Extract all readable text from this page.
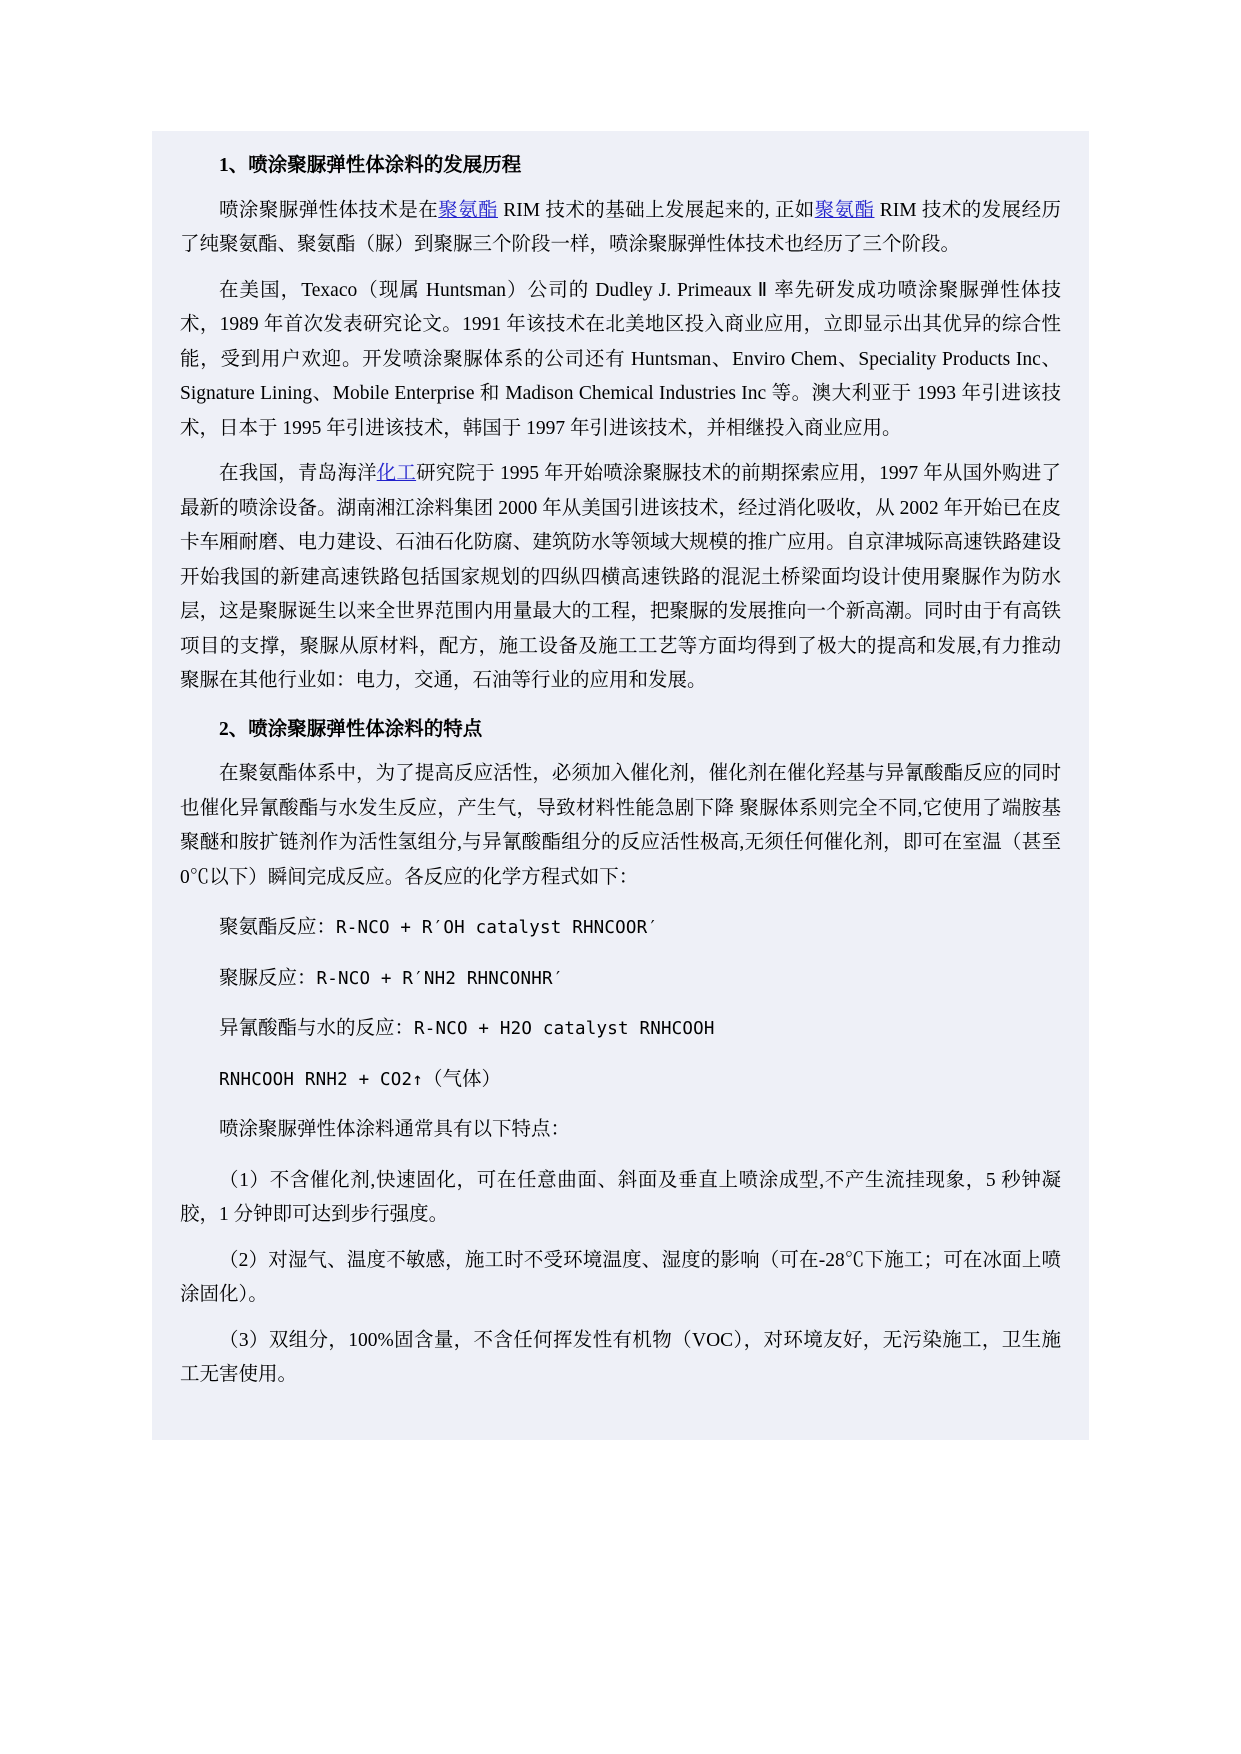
1、喷涂聚脲弹性体涂料的发展历程

喷涂聚脲弹性体技术是在聚氨酯 RIM 技术的基础上发展起来的, 正如聚氨酯 RIM 技术的发展经历了纯聚氨酯、聚氨酯（脲）到聚脲三个阶段一样，喷涂聚脲弹性体技术也经历了三个阶段。

在美国，Texaco（现属 Huntsman）公司的 Dudley J. Primeaux Ⅱ 率先研发成功喷涂聚脲弹性体技术，1989 年首次发表研究论文。1991 年该技术在北美地区投入商业应用，立即显示出其优异的综合性能，受到用户欢迎。开发喷涂聚脲体系的公司还有 Huntsman、Enviro Chem、Speciality Products Inc、Signature Lining、Mobile Enterprise 和 Madison Chemical Industries Inc 等。澳大利亚于 1993 年引进该技术，日本于 1995 年引进该技术，韩国于 1997 年引进该技术，并相继投入商业应用。

在我国，青岛海洋化工研究院于 1995 年开始喷涂聚脲技术的前期探索应用，1997 年从国外购进了最新的喷涂设备。湖南湘江涂料集团 2000 年从美国引进该技术，经过消化吸收，从 2002 年开始已在皮卡车厢耐磨、电力建设、石油石化防腐、建筑防水等领域大规模的推广应用。自京津城际高速铁路建设开始我国的新建高速铁路包括国家规划的四纵四横高速铁路的混泥土桥梁面均设计使用聚脲作为防水层，这是聚脲诞生以来全世界范围内用量最大的工程，把聚脲的发展推向一个新高潮。同时由于有高铁项目的支撑，聚脲从原材料，配方，施工设备及施工工艺等方面均得到了极大的提高和发展,有力推动聚脲在其他行业如：电力，交通，石油等行业的应用和发展。

2、喷涂聚脲弹性体涂料的特点

在聚氨酯体系中，为了提高反应活性，必须加入催化剂，催化剂在催化羟基与异氰酸酯反应的同时也催化异氰酸酯与水发生反应，产生气，导致材料性能急剧下降 聚脲体系则完全不同,它使用了端胺基聚醚和胺扩链剂作为活性氢组分,与异氰酸酯组分的反应活性极高,无须任何催化剂，即可在室温（甚至 0℃以下）瞬间完成反应。各反应的化学方程式如下：

聚氨酯反应：R-NCO + R′OH catalyst RHNCOOR′

聚脲反应：R-NCO + R′NH2 RHNCONHR′

异氰酸酯与水的反应：R-NCO + H2O catalyst RNHCOOH

RNHCOOH RNH2 + CO2↑（气体）

喷涂聚脲弹性体涂料通常具有以下特点：

（1）不含催化剂,快速固化，可在任意曲面、斜面及垂直上喷涂成型,不产生流挂现象，5 秒钟凝胶，1 分钟即可达到步行强度。

（2）对湿气、温度不敏感，施工时不受环境温度、湿度的影响（可在-28℃下施工；可在冰面上喷涂固化）。

（3）双组分，100%固含量，不含任何挥发性有机物（VOC），对环境友好，无污染施工，卫生施工无害使用。
